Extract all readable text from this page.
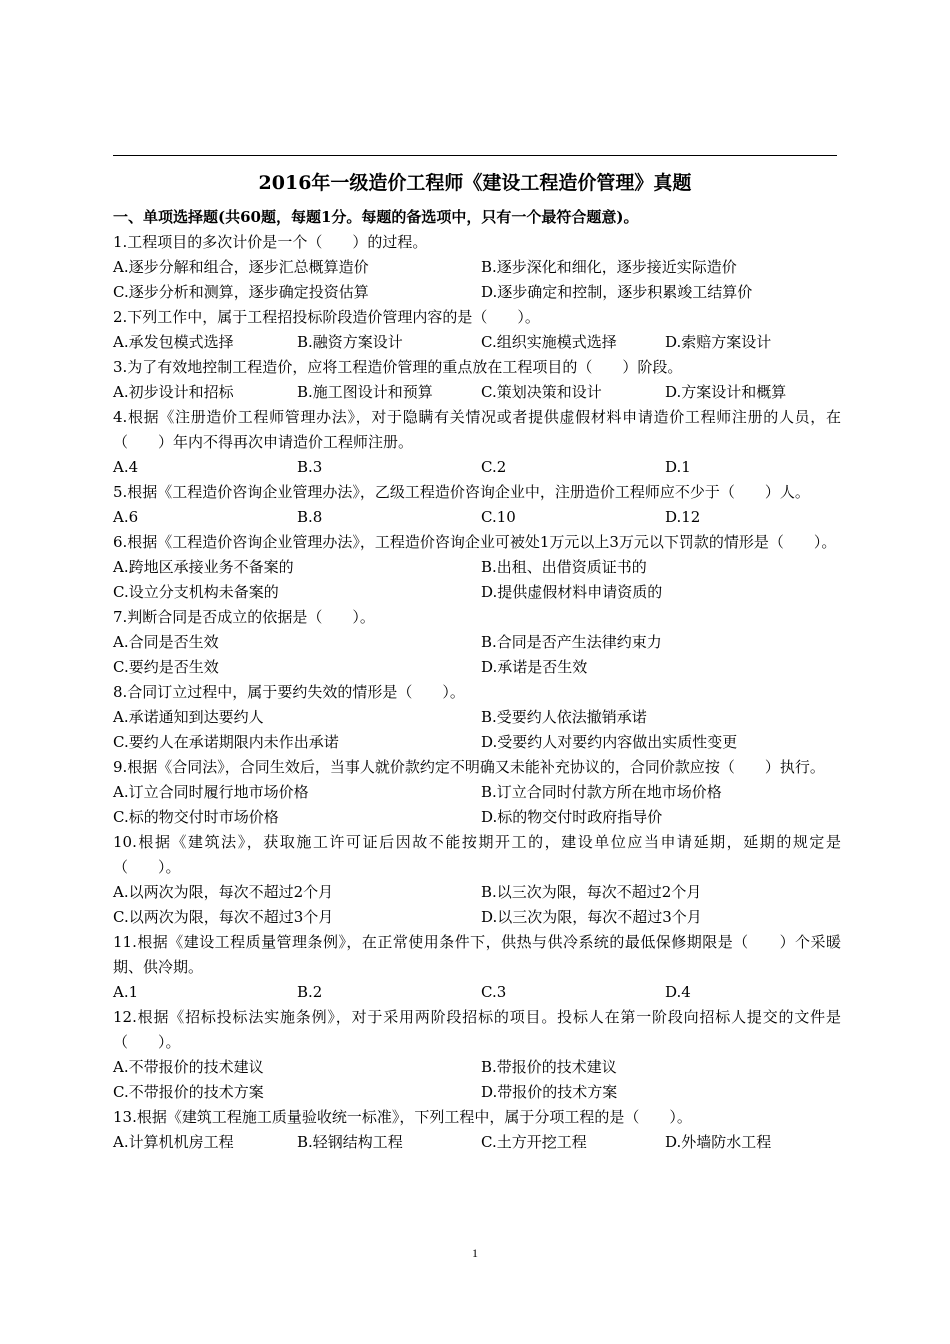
2016年一级造价工程师《建设工程造价管理》真题
一、单项选择题(共60题，每题1分。每题的备选项中，只有一个最符合题意)。
1.工程项目的多次计价是一个（　　）的过程。
A.逐步分解和组合，逐步汇总概算造价	B.逐步深化和细化，逐步接近实际造价
C.逐步分析和测算，逐步确定投资估算	D.逐步确定和控制，逐步积累竣工结算价
2.下列工作中，属于工程招投标阶段造价管理内容的是（　　）。
A.承发包模式选择	B.融资方案设计	C.组织实施模式选择	D.索赔方案设计
3.为了有效地控制工程造价，应将工程造价管理的重点放在工程项目的（　　）阶段。
A.初步设计和招标	B.施工图设计和预算	C.策划决策和设计	D.方案设计和概算
4.根据《注册造价工程师管理办法》，对于隐瞒有关情况或者提供虚假材料申请造价工程师注册的人员，在（　　）年内不得再次申请造价工程师注册。
A.4	B.3	C.2	D.1
5.根据《工程造价咨询企业管理办法》，乙级工程造价咨询企业中，注册造价工程师应不少于（　　）人。
A.6	B.8	C.10	D.12
6.根据《工程造价咨询企业管理办法》，工程造价咨询企业可被处1万元以上3万元以下罚款的情形是（　　）。
A.跨地区承接业务不备案的	B.出租、出借资质证书的
C.设立分支机构未备案的	D.提供虚假材料申请资质的
7.判断合同是否成立的依据是（　　）。
A.合同是否生效	B.合同是否产生法律约束力
C.要约是否生效	D.承诺是否生效
8.合同订立过程中，属于要约失效的情形是（　　）。
A.承诺通知到达要约人	B.受要约人依法撤销承诺
C.要约人在承诺期限内未作出承诺	D.受要约人对要约内容做出实质性变更
9.根据《合同法》，合同生效后，当事人就价款约定不明确又未能补充协议的，合同价款应按（　　）执行。
A.订立合同时履行地市场价格	B.订立合同时付款方所在地市场价格
C.标的物交付时市场价格	D.标的物交付时政府指导价
10.根据《建筑法》，获取施工许可证后因故不能按期开工的，建设单位应当申请延期，延期的规定是（　　）。
A.以两次为限，每次不超过2个月	B.以三次为限，每次不超过2个月
C.以两次为限，每次不超过3个月	D.以三次为限，每次不超过3个月
11.根据《建设工程质量管理条例》，在正常使用条件下，供热与供冷系统的最低保修期限是（　　）个采暖期、供冷期。
A.1	B.2	C.3	D.4
12.根据《招标投标法实施条例》，对于采用两阶段招标的项目。投标人在第一阶段向招标人提交的文件是（　　）。
A.不带报价的技术建议	B.带报价的技术建议
C.不带报价的技术方案	D.带报价的技术方案
13.根据《建筑工程施工质量验收统一标准》，下列工程中，属于分项工程的是（　　）。
A.计算机机房工程	B.轻钢结构工程	C.土方开挖工程	D.外墙防水工程
1
